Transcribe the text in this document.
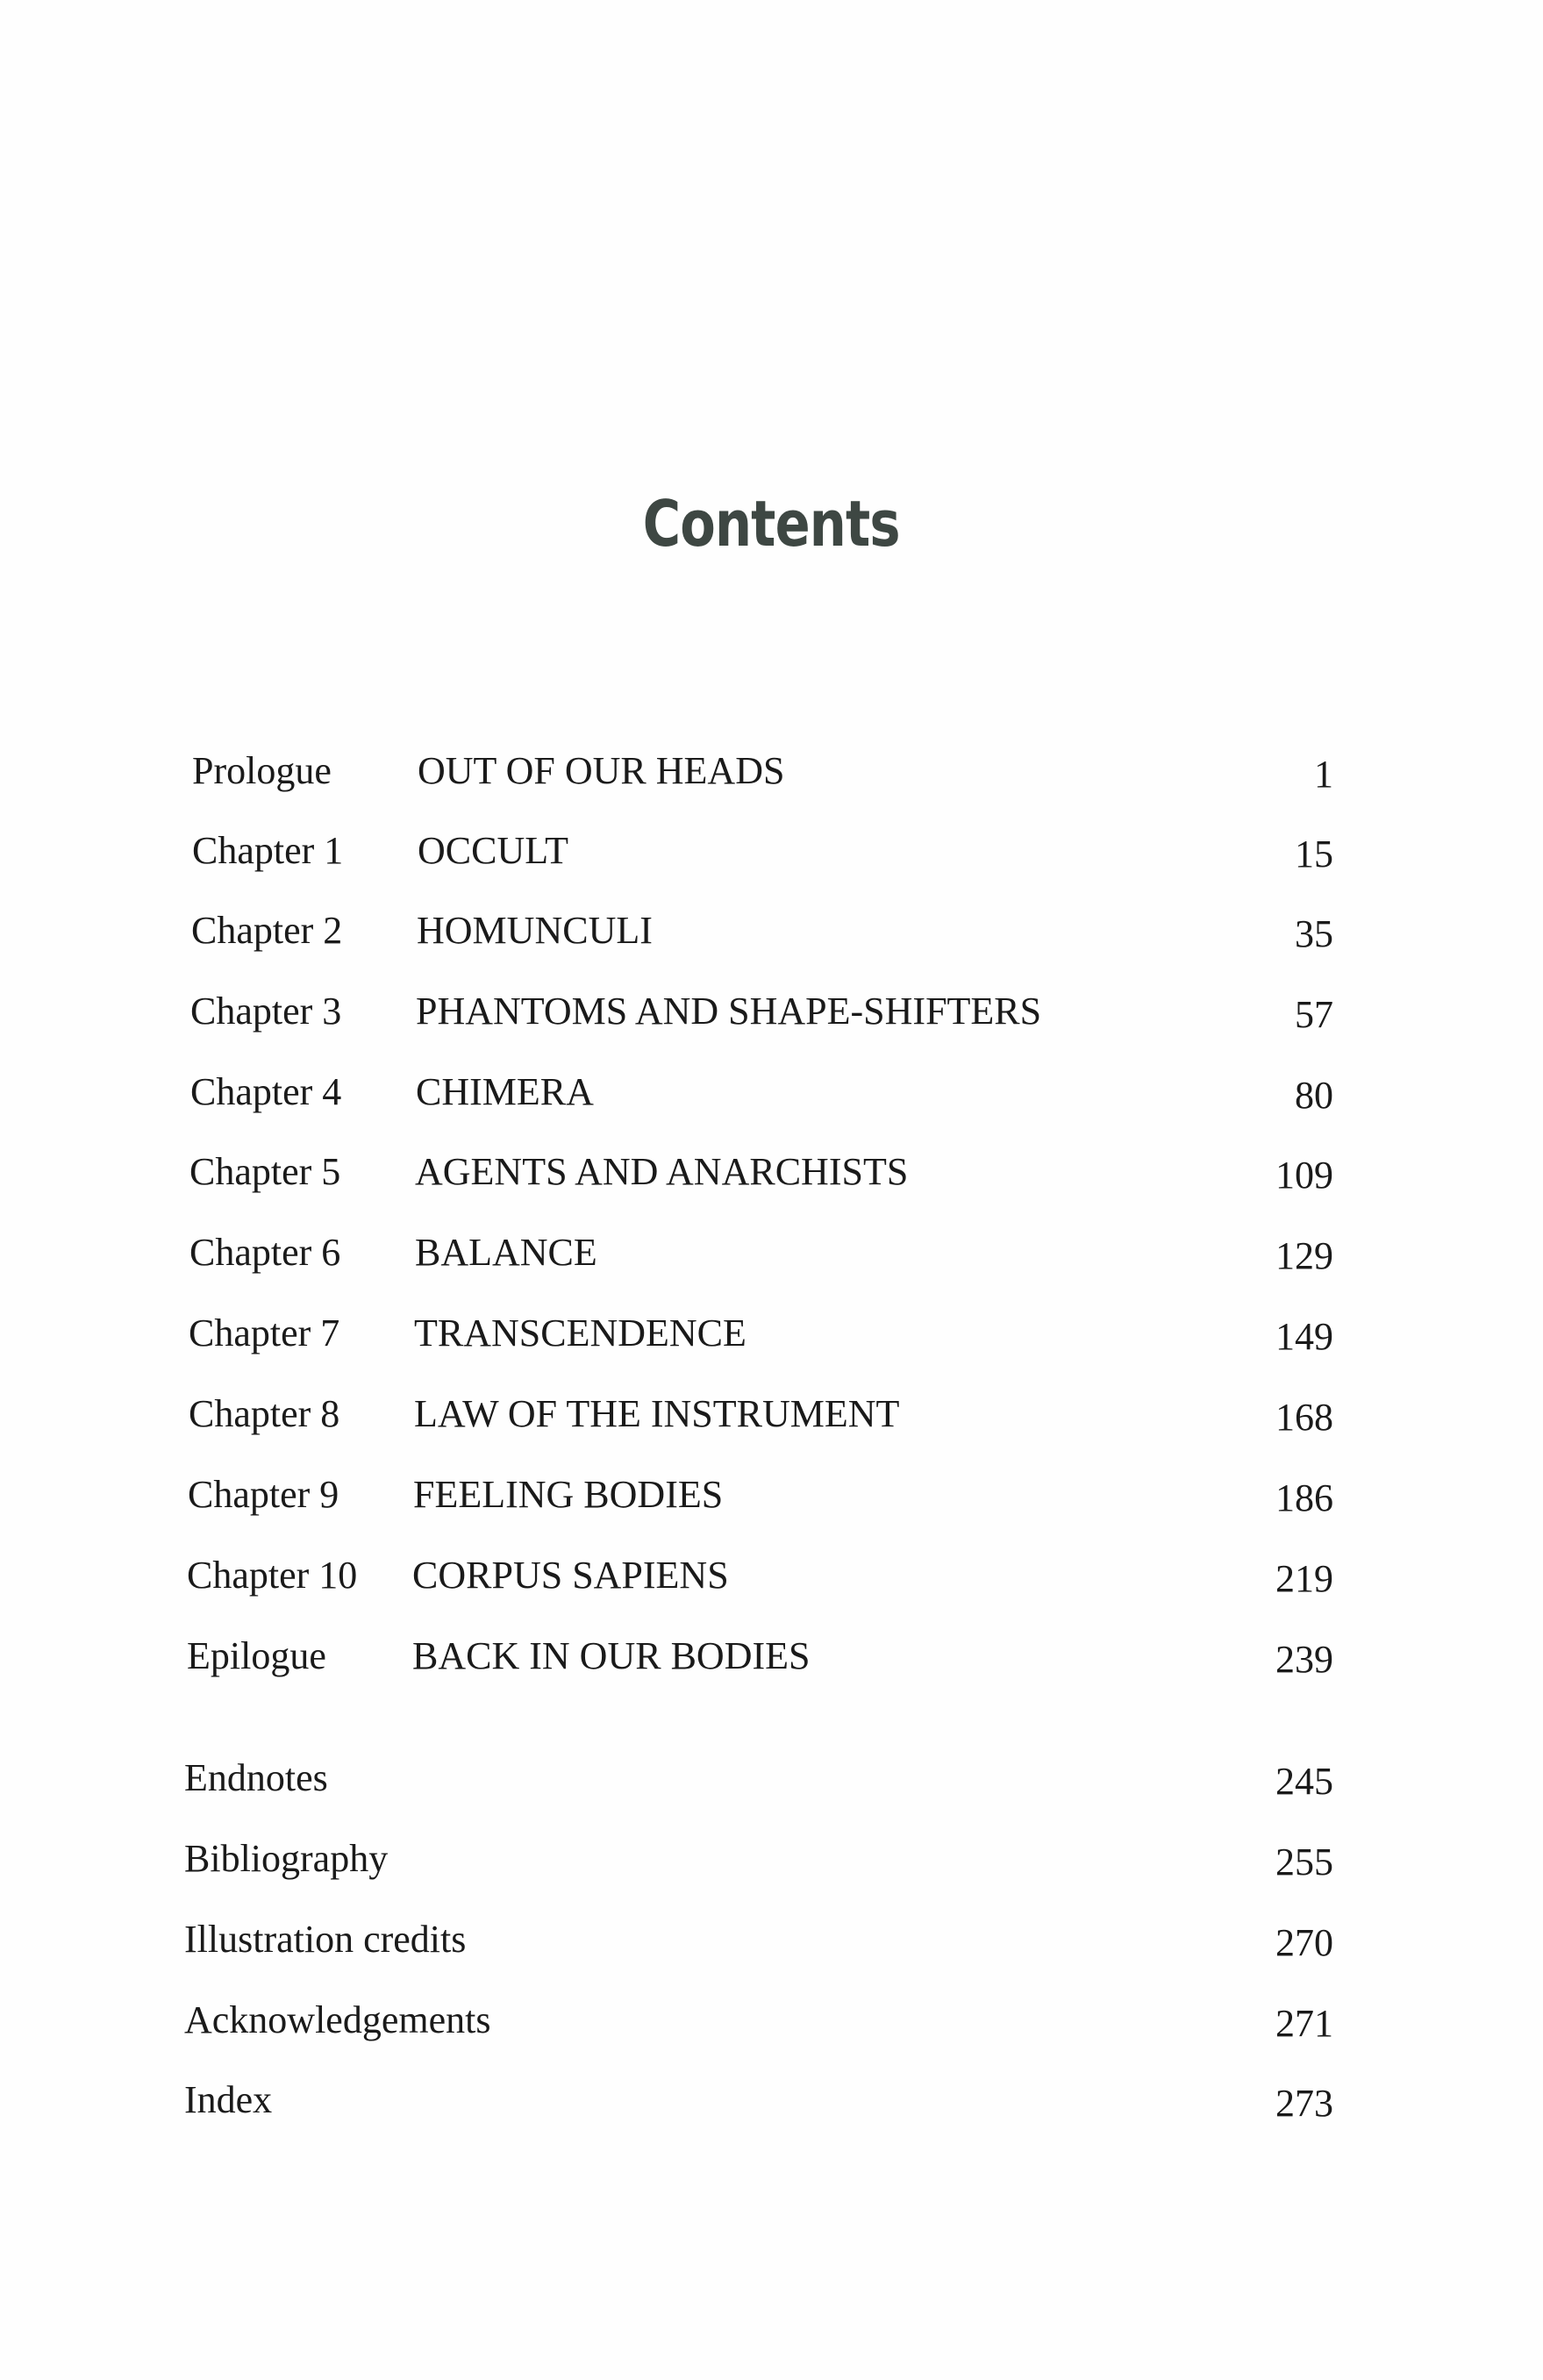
Contents
Prologue OUT OF OUR HEADS	1
Chapter 1 OCCULT	15
Chapter 2 HOMUNCULI	35
Chapter 3 PHANTOMS AND SHAPE-SHIFTERS	57
Chapter 4 CHIMERA	80
Chapter 5 AGENTS AND ANARCHISTS	109
Chapter 6 BALANCE	129
Chapter 7 TRANSCENDENCE	149
Chapter 8 LAW OF THE INSTRUMENT	168
Chapter 9 FEELING BODIES	186
Chapter 10 CORPUS SAPIENS	219
Epilogue BACK IN OUR BODIES	239
Endnotes	245
Bibliography	255
Illustration credits	270
Acknowledgements	271
Index	273
